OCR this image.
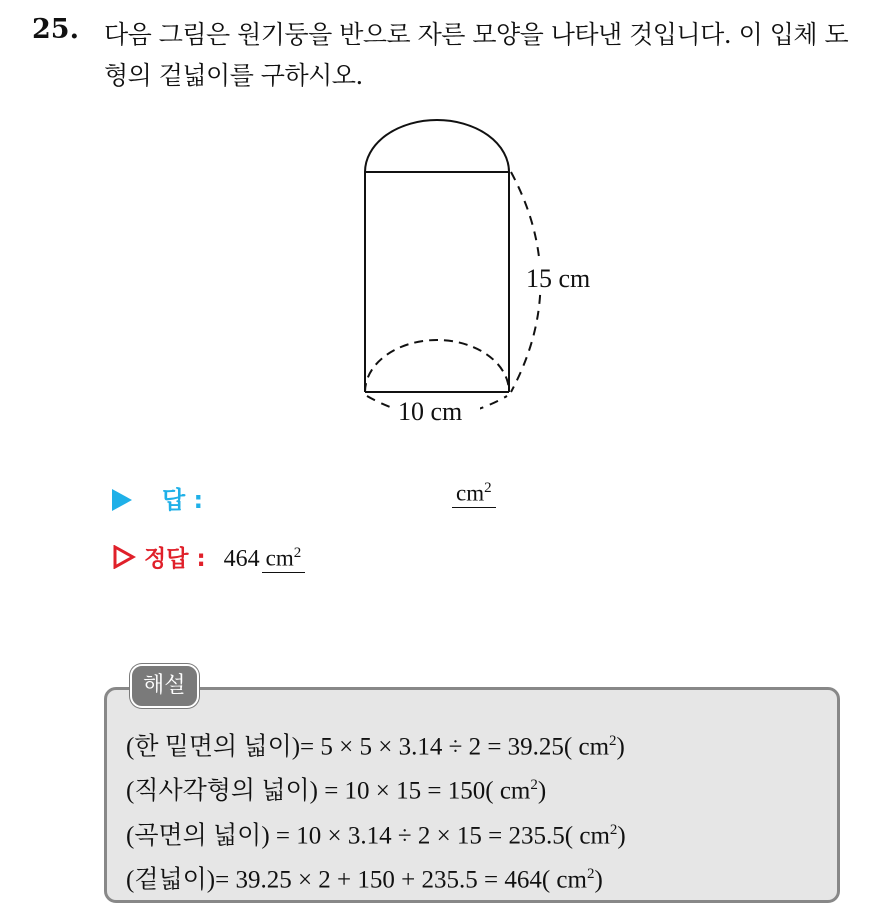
25. 다음 그림은 원기둥을 반으로 자른 모양을 나타낸 것입니다. 이 입체 도형의 겉넓이를 구하시오.
15 cm
10 cm
답 :	$cm^2$
정답 : 464 $cm^2$
해설
(한 밑면의 넓이)= 5 × 5 × 3.14 ÷ 2 = 39.25( $cm^2$)
(직사각형의 넓이) = 10 × 15 = 150( $cm^2$)
(곡면의 넓이) = 10 × 3.14 ÷ 2 × 15 = 235.5( $cm^2$)
(겉넓이)= 39.25 × 2 + 150 + 235.5 = 464( $cm^2$)
